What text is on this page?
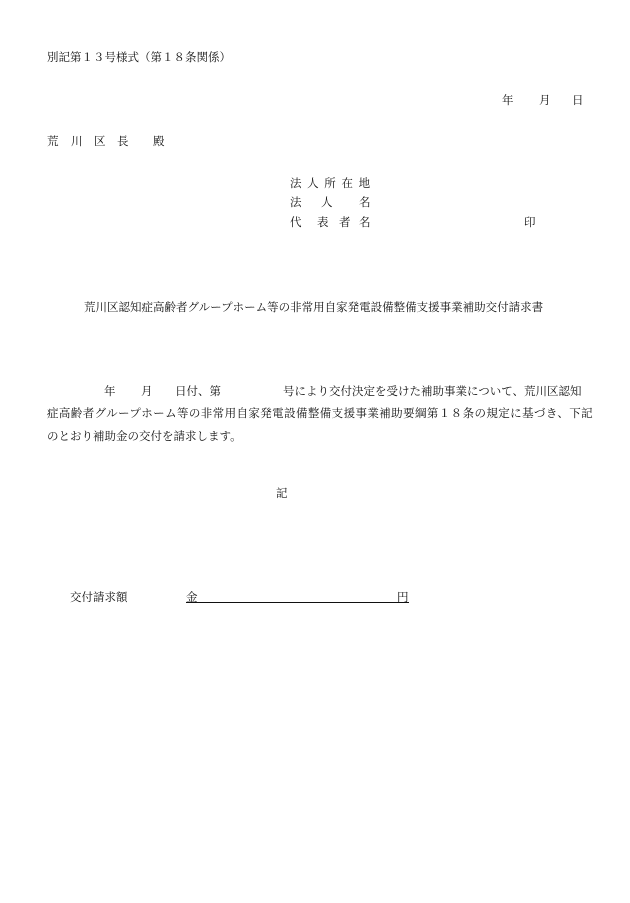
別記第１３号様式（第１８条関係）
年 月 日
荒 川 区 長 殿
法 人 所 在 地
法 人 名
代 表 者 名	印
荒川区認知症高齢者グループホーム等の非常用自家発電設備整備支援事業補助交付請求書
年 月 日付、第	号により交付決定を受けた補助事業について、荒川区認知
症高齢者グループホーム等の非常用自家発電設備整備支援事業補助要綱第１８条の規定に基づき、下記
のとおり補助金の交付を請求します。
記
交付請求額	金	円
